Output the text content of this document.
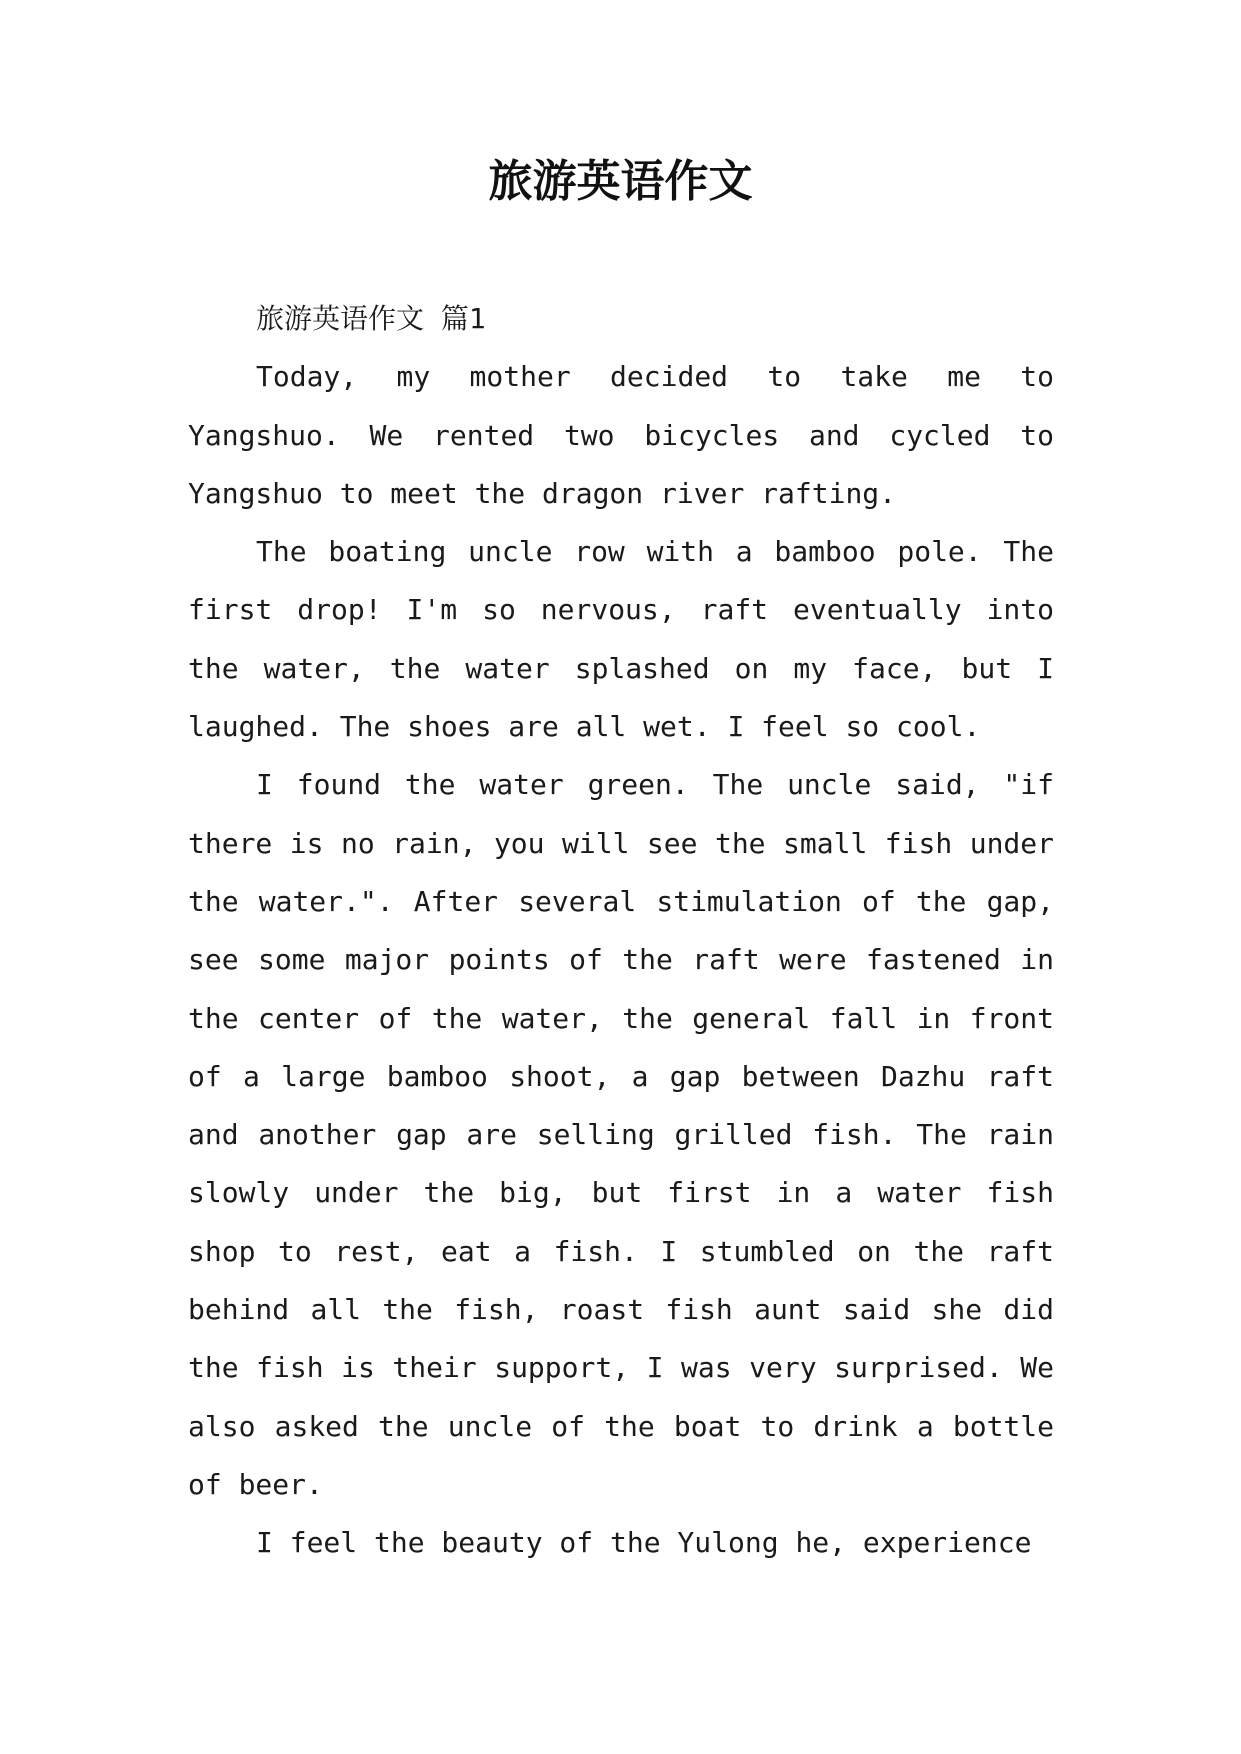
旅游英语作文
旅游英语作文 篇1

Today, my mother decided to take me to Yangshuo. We rented two bicycles and cycled to Yangshuo to meet the dragon river rafting.

The boating uncle row with a bamboo pole. The first drop! I'm so nervous, raft eventually into the water, the water splashed on my face, but I laughed. The shoes are all wet. I feel so cool.

I found the water green. The uncle said, "if there is no rain, you will see the small fish under the water.". After several stimulation of the gap, see some major points of the raft were fastened in the center of the water, the general fall in front of a large bamboo shoot, a gap between Dazhu raft and another gap are selling grilled fish. The rain slowly under the big, but first in a water fish shop to rest, eat a fish. I stumbled on the raft behind all the fish, roast fish aunt said she did the fish is their support, I was very surprised. We also asked the uncle of the boat to drink a bottle of beer.

I feel the beauty of the Yulong he, experience
